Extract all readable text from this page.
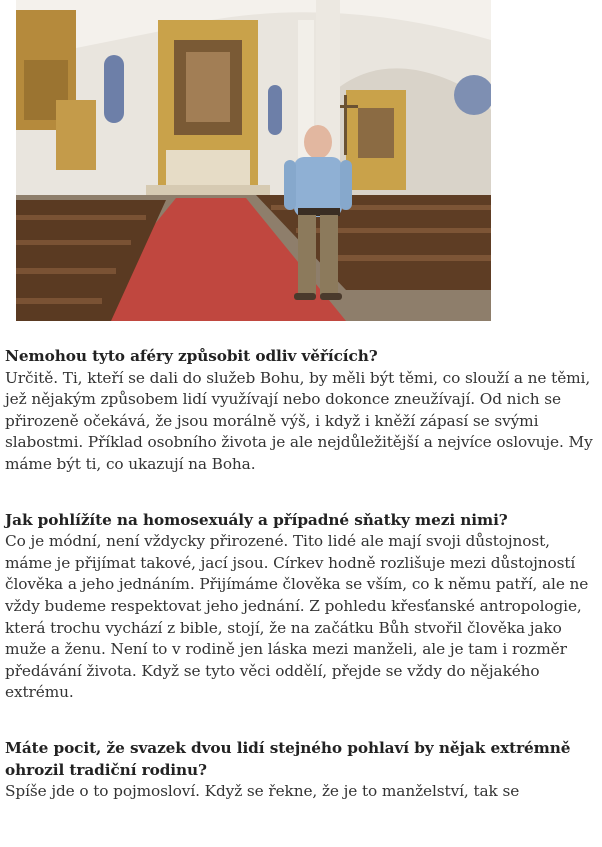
Nemohou tyto aféry způsobit odliv věřících?

Určitě. Ti, kteří se dali do služeb Bohu, by měli být těmi, co slouží a ne těmi, jež nějakým způsobem lidí využívají nebo dokonce zneužívají. Od nich se přirozeně očekává, že jsou morálně výš, i když i kněží zápasí se svými slabostmi. Příklad osobního života je ale nejdůležitější a nejvíce oslovuje. My máme být ti, co ukazují na Boha.

Jak pohlížíte na homosexuály a případné sňatky mezi nimi?

Co je módní, není vždycky přirozené. Tito lidé ale mají svoji důstojnost, máme je přijímat takové, jací jsou. Církev hodně rozlišuje mezi důstojností člověka a jeho jednáním. Přijímáme člověka se vším, co k němu patří, ale ne vždy budeme respektovat jeho jednání. Z pohledu křesťanské antropologie, která trochu vychází z bible, stojí, že na začátku Bůh stvořil člověka jako muže a ženu. Není to v rodině jen láska mezi manželi, ale je tam i rozměr předávání života. Když se tyto věci oddělí, přejde se vždy do nějakého extrému.

Máte pocit, že svazek dvou lidí stejného pohlaví by nějak extrémně ohrozil tradiční rodinu?

Spíše jde o to pojmosloví. Když se řekne, že je to manželství, tak se
